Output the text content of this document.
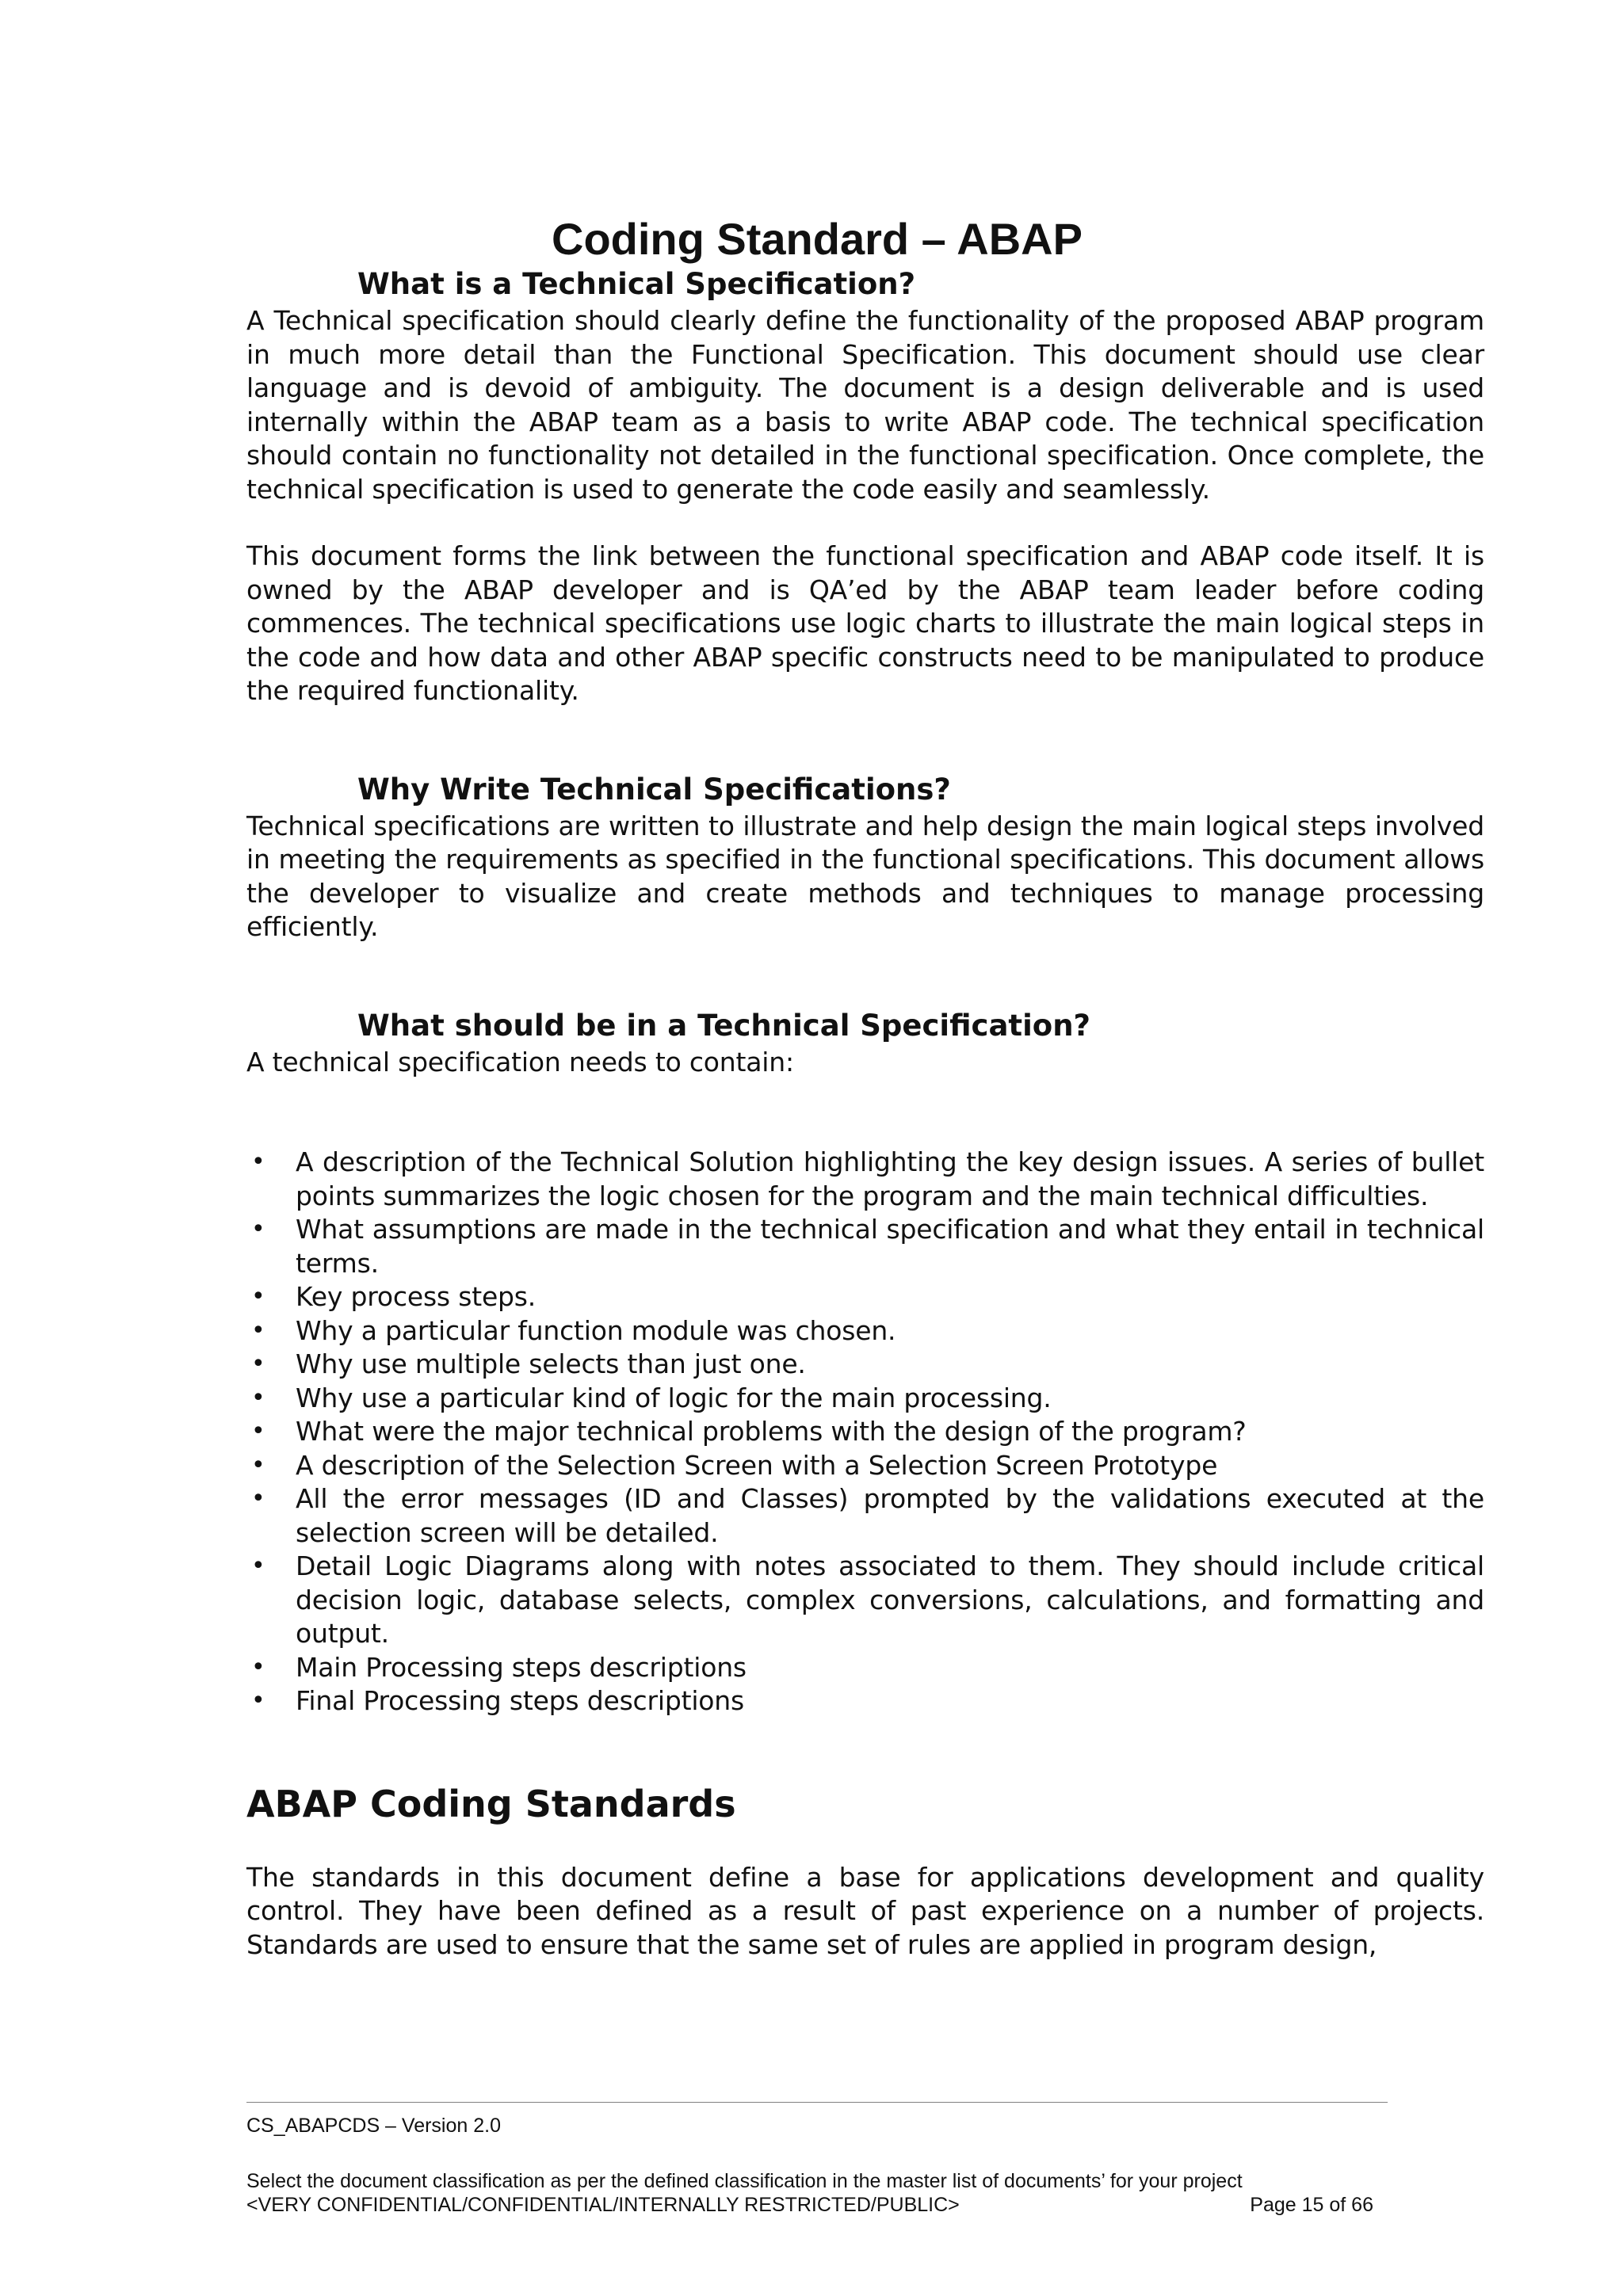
Coding Standard – ABAP
What is a Technical Specification?

A Technical specification should clearly define the functionality of the proposed ABAP program in much more detail than the Functional Specification. This document should use clear language and is devoid of ambiguity. The document is a design deliverable and is used internally within the ABAP team as a basis to write ABAP code. The technical specification should contain no functionality not detailed in the functional specification. Once complete, the technical specification is used to generate the code easily and seamlessly.

This document forms the link between the functional specification and ABAP code itself. It is owned by the ABAP developer and is QA’ed by the ABAP team leader before coding commences. The technical specifications use logic charts to illustrate the main logical steps in the code and how data and other ABAP specific constructs need to be manipulated to produce the required functionality.

Why Write Technical Specifications?

Technical specifications are written to illustrate and help design the main logical steps involved in meeting the requirements as specified in the functional specifications. This document allows the developer to visualize and create methods and techniques to manage processing efficiently.

What should be in a Technical Specification?

A technical specification needs to contain:

• A description of the Technical Solution highlighting the key design issues. A series of bullet points summarizes the logic chosen for the program and the main technical difficulties.
• What assumptions are made in the technical specification and what they entail in technical terms.
• Key process steps.
• Why a particular function module was chosen.
• Why use multiple selects than just one.
• Why use a particular kind of logic for the main processing.
• What were the major technical problems with the design of the program?
• A description of the Selection Screen with a Selection Screen Prototype
• All the error messages (ID and Classes) prompted by the validations executed at the selection screen will be detailed.
• Detail Logic Diagrams along with notes associated to them. They should include critical decision logic, database selects, complex conversions, calculations, and formatting and output.
• Main Processing steps descriptions
• Final Processing steps descriptions
ABAP Coding Standards

The standards in this document define a base for applications development and quality control. They have been defined as a result of past experience on a number of projects. Standards are used to ensure that the same set of rules are applied in program design,

CS_ABAPCDS – Version 2.0

Select the document classification as per the defined classification in the master list of documents’ for your project

<VERY CONFIDENTIAL/CONFIDENTIAL/INTERNALLY RESTRICTED/PUBLIC>	Page 15 of 66
